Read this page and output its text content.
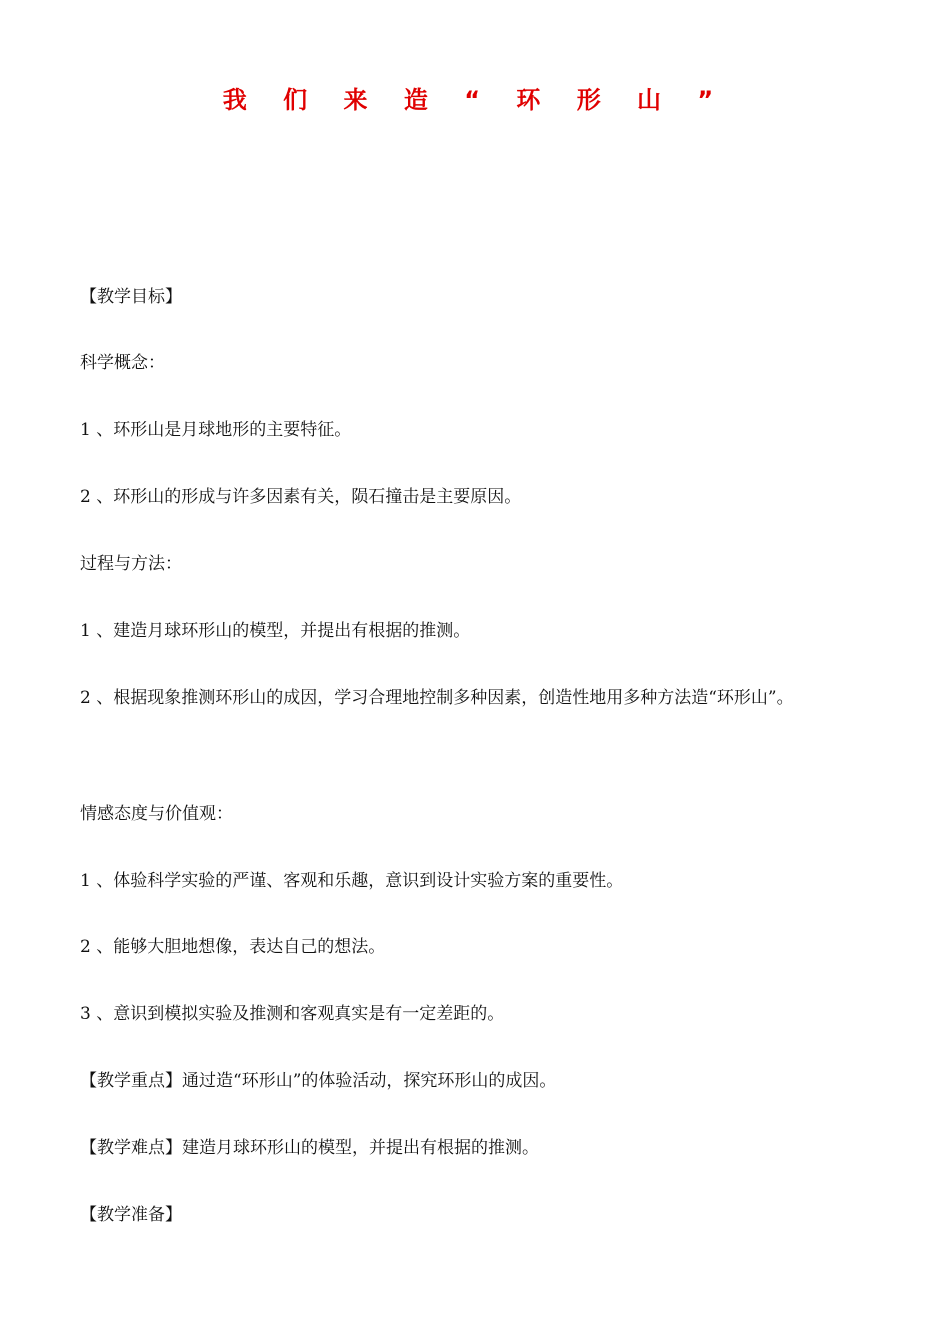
我 们 来 造 “ 环 形 山 ”

【教学目标】

科学概念：

1 、环形山是月球地形的主要特征。

2 、环形山的形成与许多因素有关，陨石撞击是主要原因。

过程与方法：

1 、建造月球环形山的模型，并提出有根据的推测。

2 、根据现象推测环形山的成因，学习合理地控制多种因素，创造性地用多种方法造“环形山”。

情感态度与价值观：

1 、体验科学实验的严谨、客观和乐趣，意识到设计实验方案的重要性。

2 、能够大胆地想像，表达自己的想法。

3 、意识到模拟实验及推测和客观真实是有一定差距的。

【教学重点】通过造“环形山”的体验活动，探究环形山的成因。

【教学难点】建造月球环形山的模型，并提出有根据的推测。

【教学准备】
